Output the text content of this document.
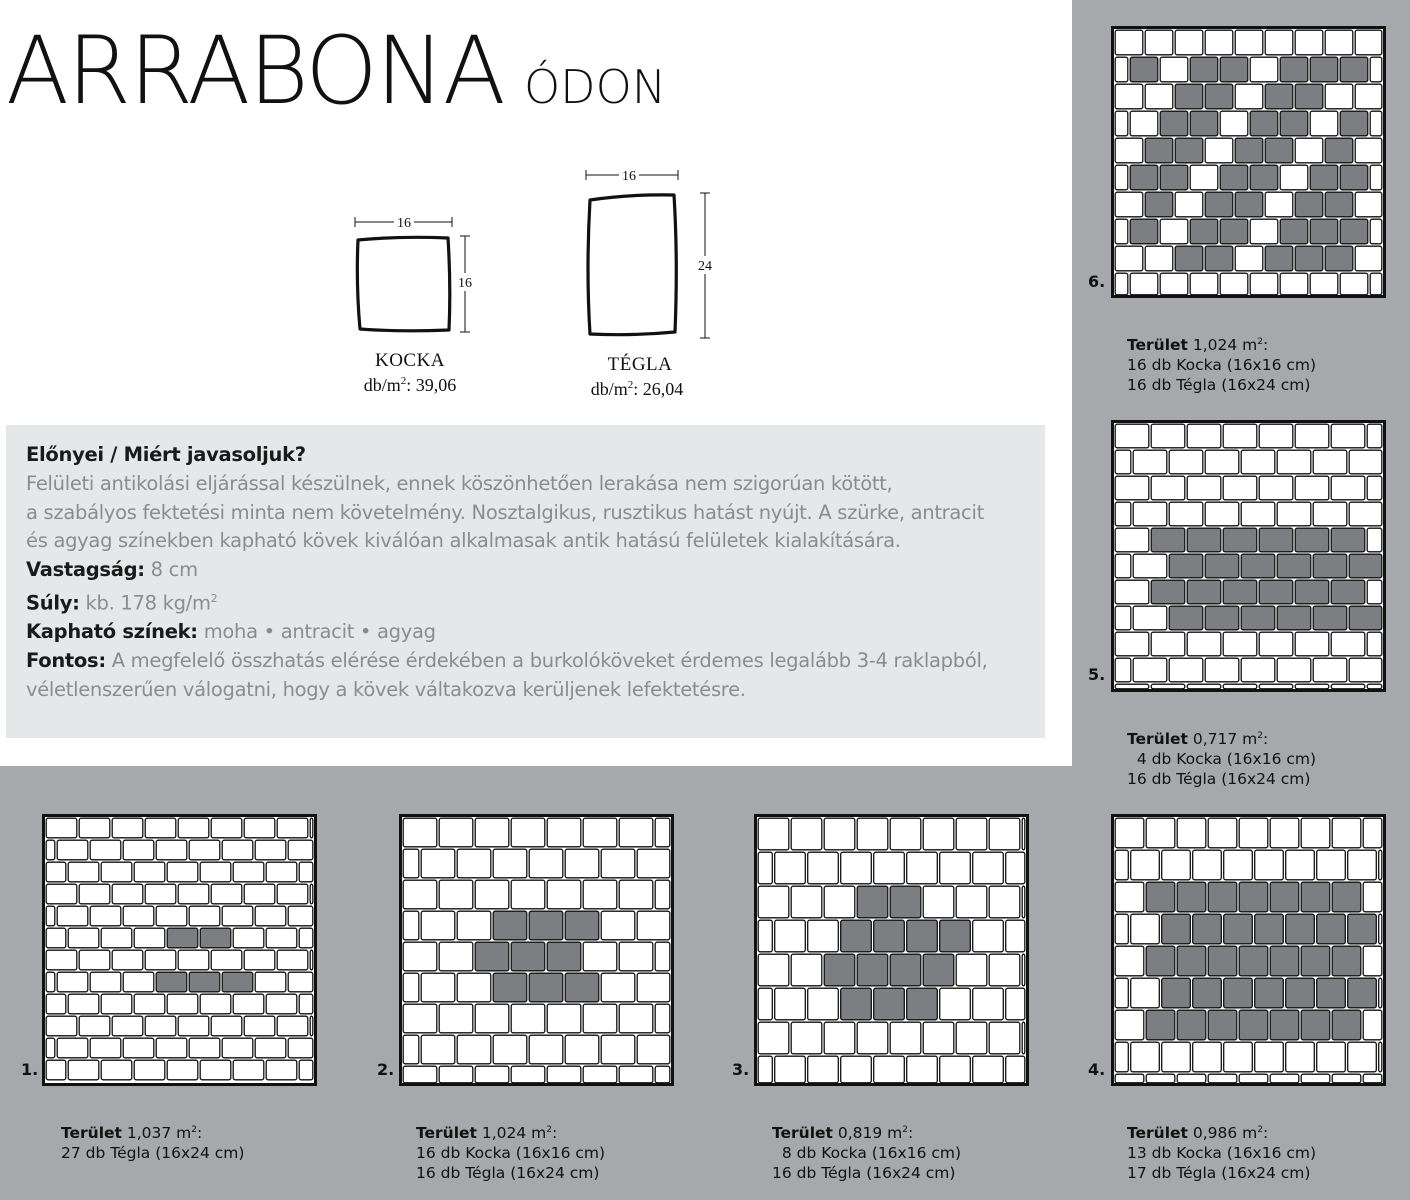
ARRABONA ÓDON
16
16
KOCKA
$db/m^2$: 39,06
16
24
TÉGLA
$db/m^2$: 26,04

Előnyei / Miért javasoljuk?

Felületi antikolási eljárással készülnek, ennek köszönhetően lerakása nem szigorúan kötött,

a szabályos fektetési minta nem követelmény. Nosztalgikus, rusztikus hatást nyújt. A szürke, antracit

és agyag színekben kapható kövek kiválóan alkalmasak antik hatású felületek kialakítására.

Vastagság: 8 cm

Súly: kb. 178 $kg/m^2$

Kapható színek: moha • antracit • agyag

Fontos: A megfelelő összhatás elérése érdekében a burkolóköveket érdemes legalább 3-4 raklapból,

véletlenszerűen válogatni, hogy a kövek váltakozva kerüljenek lefektetésre.

1.	2.	3.	4.
5.
6.

Terület 1,037 $m^2$:
27 db Tégla (16x24 cm)

Terület 1,024 $m^2$:
16 db Kocka (16x16 cm)
16 db Tégla (16x24 cm)

Terület 0,819 $m^2$:
8 db Kocka (16x16 cm)
16 db Tégla (16x24 cm)

Terület 0,986 $m^2$:
13 db Kocka (16x16 cm)
17 db Tégla (16x24 cm)

Terület 0,717 $m^2$:
4 db Kocka (16x16 cm)
16 db Tégla (16x24 cm)

Terület 1,024 $m^2$:
16 db Kocka (16x16 cm)
16 db Tégla (16x24 cm)
